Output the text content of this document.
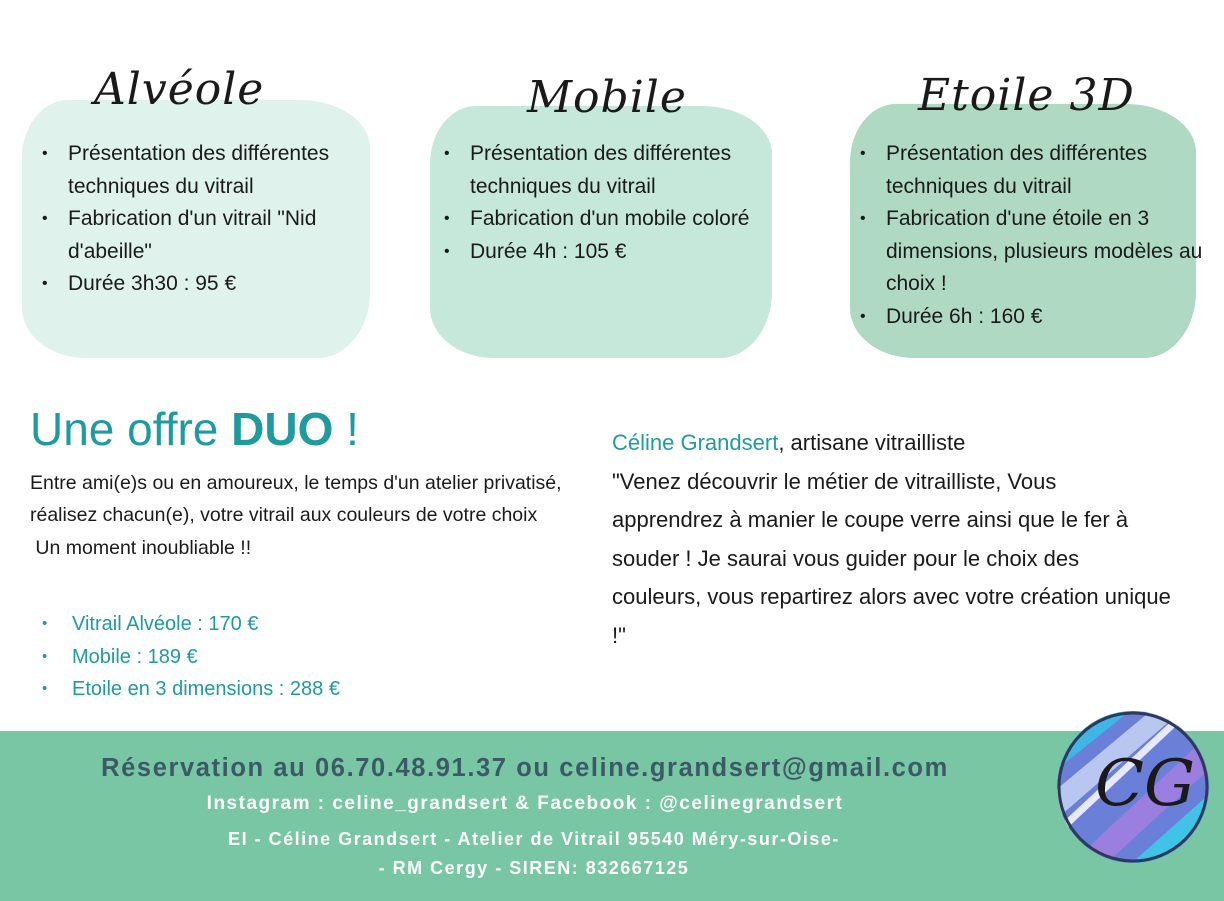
Alvéole
• Présentation des différentes techniques du vitrail
• Fabrication d'un vitrail "Nid d'abeille"
• Durée 3h30 : 95 €
Mobile
• Présentation des différentes techniques du vitrail
• Fabrication d'un mobile coloré
• Durée 4h : 105 €
Etoile 3D
• Présentation des différentes techniques du vitrail
• Fabrication d'une étoile en 3 dimensions, plusieurs modèles au choix !
• Durée 6h : 160 €
Une offre DUO !
Entre ami(e)s ou en amoureux, le temps d'un atelier privatisé, réalisez chacun(e), votre vitrail aux couleurs de votre choix
Un moment inoubliable !!
• Vitrail Alvéole : 170 €
• Mobile : 189 €
• Etoile en 3 dimensions : 288 €
Céline Grandsert, artisane vitrailliste
"Venez découvrir le métier de vitrailliste, Vous apprendrez à manier le coupe verre ainsi que le fer à souder ! Je saurai vous guider pour le choix des couleurs, vous repartirez alors avec votre création unique !"
Réservation au 06.70.48.91.37 ou celine.grandsert@gmail.com
Instagram : celine_grandsert & Facebook : @celinegrandsert
EI - Céline Grandsert - Atelier de Vitrail 95540 Méry-sur-Oise-
- RM Cergy - SIREN: 832667125
CG
